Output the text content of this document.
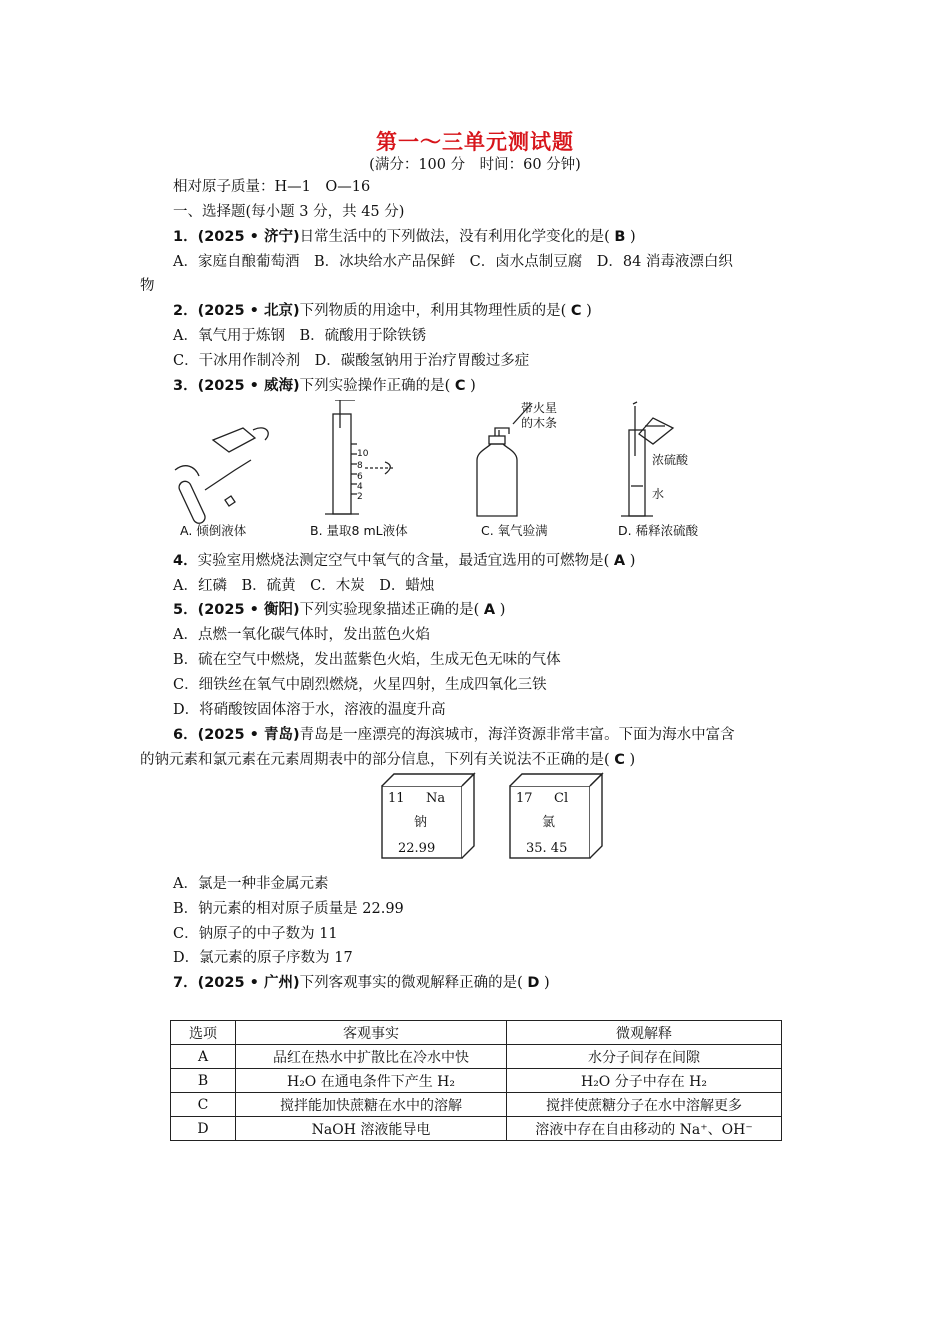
第一～三单元测试题
(满分：100 分　时间：60 分钟)
相对原子质量：H—1　O—16
一、选择题(每小题 3 分，共 45 分)
1．(2025 • 济宁)日常生活中的下列做法，没有利用化学变化的是( B )
A．家庭自酿葡萄酒　B．冰块给水产品保鲜　C．卤水点制豆腐　D．84 消毒液漂白织
物
2．(2025 • 北京)下列物质的用途中，利用其物理性质的是( C )
A．氧气用于炼钢　B．硫酸用于除铁锈
C．干冰用作制冷剂　D．碳酸氢钠用于治疗胃酸过多症
3．(2025 • 威海)下列实验操作正确的是( C )
带火星
的木条
浓硫酸
水
10
8
6
4
2
A. 倾倒液体	B. 量取8 mL液体	C. 氧气验满	D. 稀释浓硫酸
4．实验室用燃烧法测定空气中氧气的含量，最适宜选用的可燃物是( A )
A．红磷　B．硫黄　C．木炭　D．蜡烛
5．(2025 • 衡阳)下列实验现象描述正确的是( A )
A．点燃一氧化碳气体时，发出蓝色火焰
B．硫在空气中燃烧，发出蓝紫色火焰，生成无色无味的气体
C．细铁丝在氧气中剧烈燃烧，火星四射，生成四氧化三铁
D．将硝酸铵固体溶于水，溶液的温度升高
6．(2025 • 青岛)青岛是一座漂亮的海滨城市，海洋资源非常丰富。下面为海水中富含
的钠元素和氯元素在元素周期表中的部分信息，下列有关说法不正确的是( C )
11 Na
钠
22.99
17 Cl
氯
35. 45
A．氯是一种非金属元素
B．钠元素的相对原子质量是 22.99
C．钠原子的中子数为 11
D．氯元素的原子序数为 17
7．(2025 • 广州)下列客观事实的微观解释正确的是( D )
选项	客观事实	微观解释
A	品红在热水中扩散比在冷水中快	水分子间存在间隙
B	H₂O 在通电条件下产生 H₂	H₂O 分子中存在 H₂
C	搅拌能加快蔗糖在水中的溶解	搅拌使蔗糖分子在水中溶解更多
D	NaOH 溶液能导电	溶液中存在自由移动的 Na⁺、OH⁻
